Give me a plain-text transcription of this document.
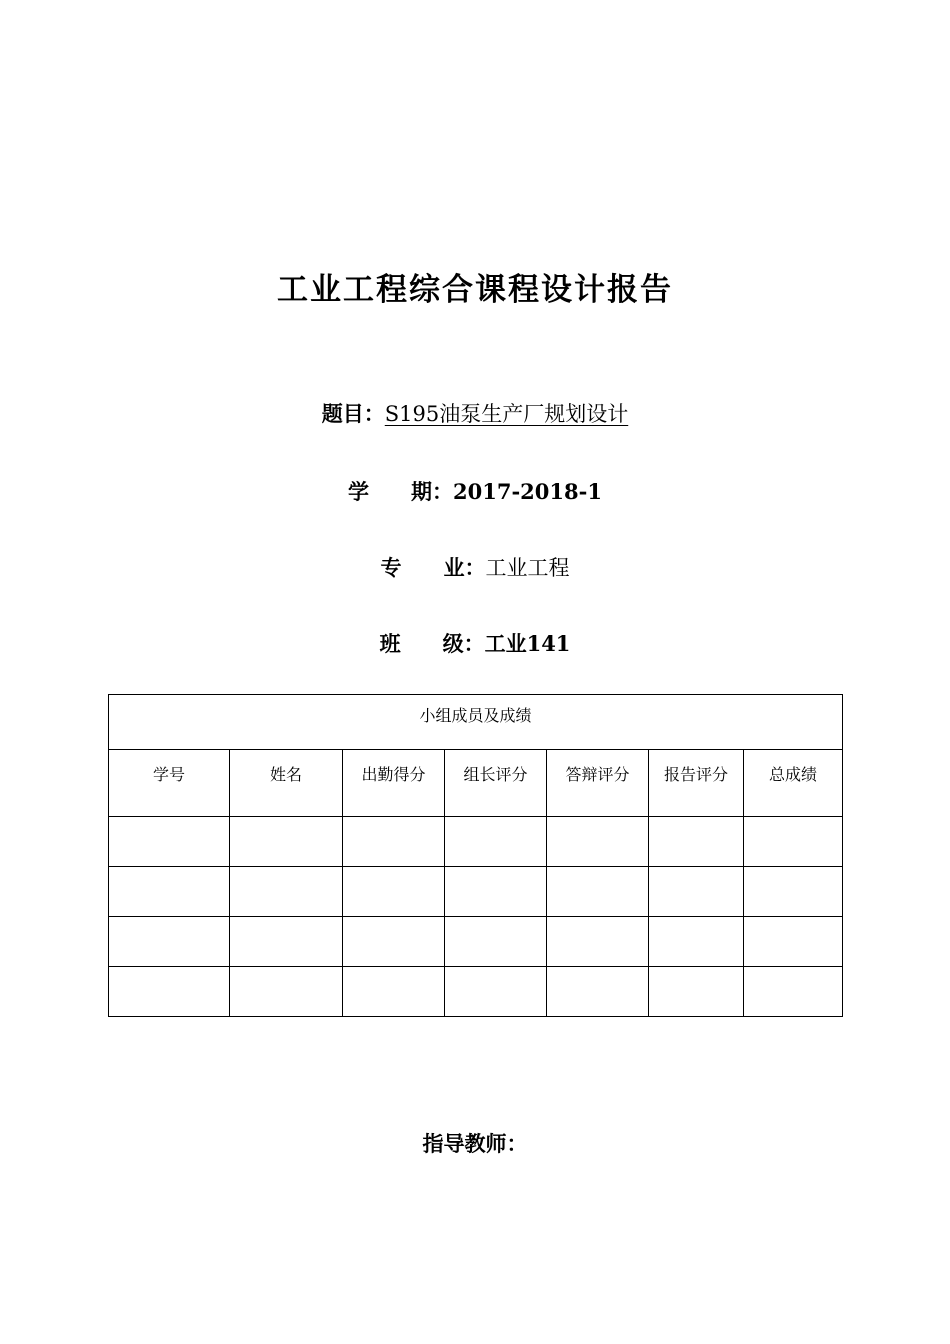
工业工程综合课程设计报告
题目：S195油泵生产厂规划设计
学　　期：2017-2018-1
专　　业：工业工程
班　　级：工业141
小组成员及成绩						
学号	姓名	出勤得分	组长评分	答辩评分	报告评分	总成绩

指导教师：
